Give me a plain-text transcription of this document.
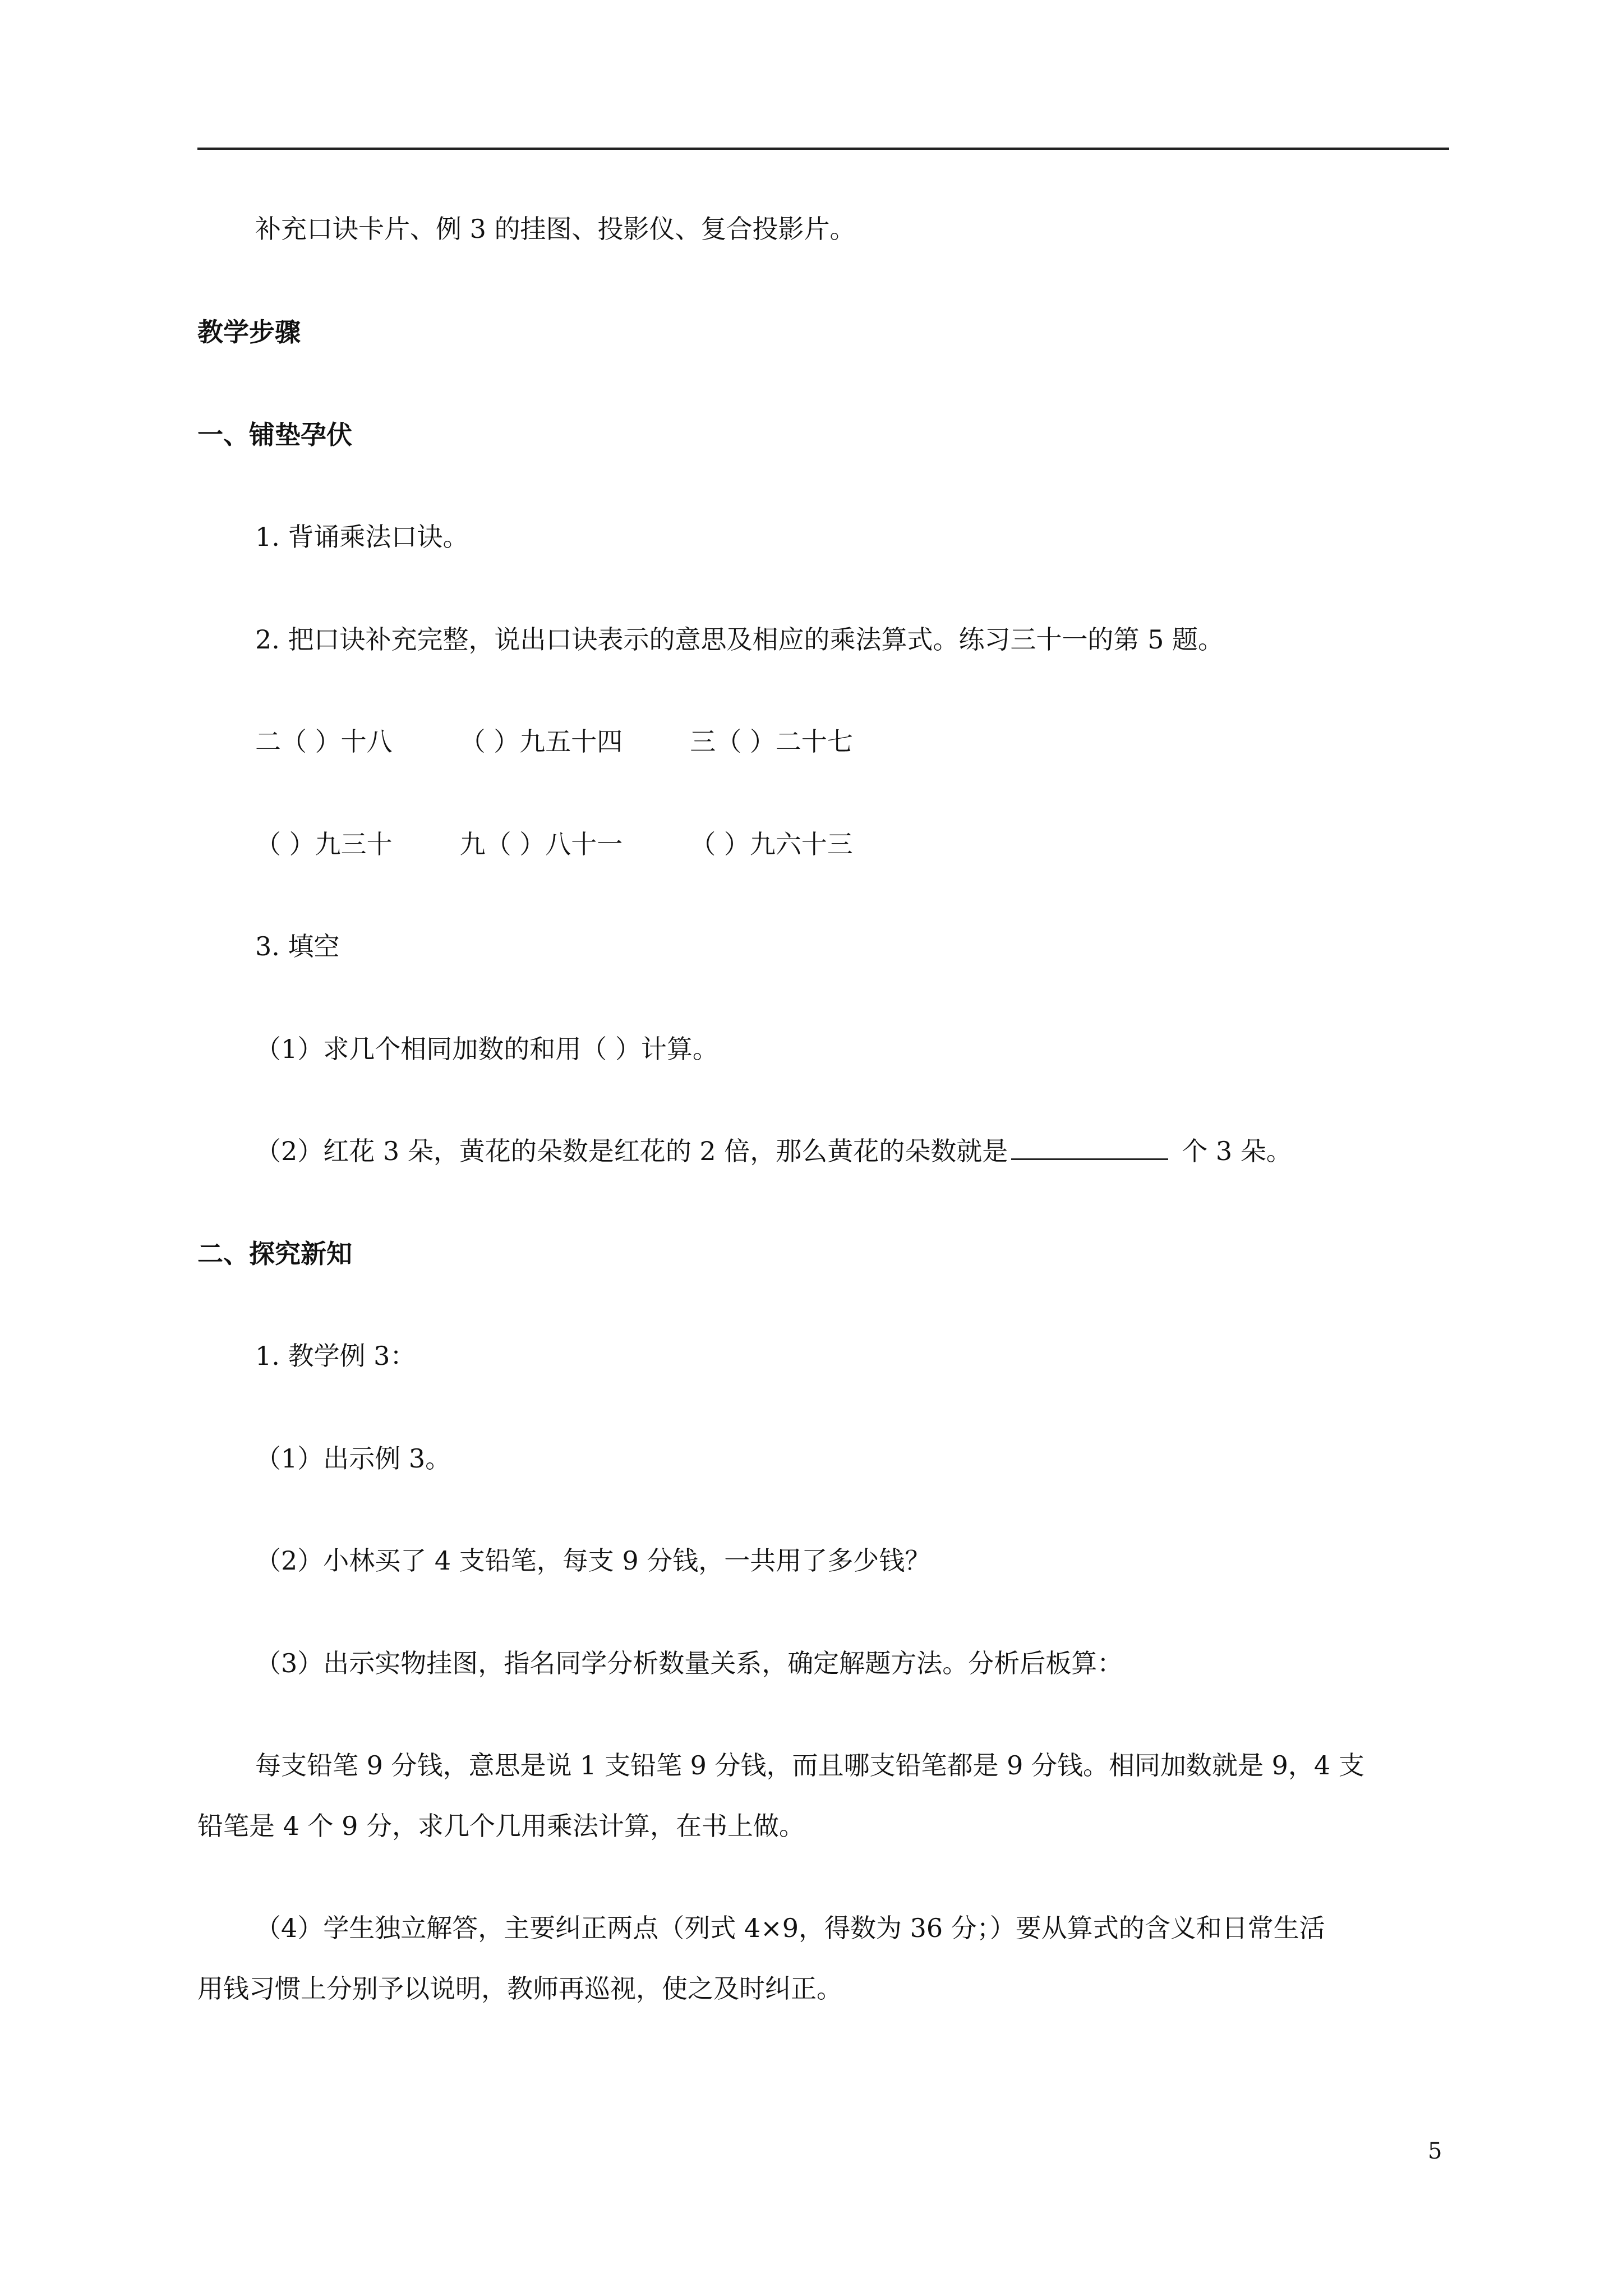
补充口诀卡片、例 3 的挂图、投影仪、复合投影片。
教学步骤
一、铺垫孕伏
1. 背诵乘法口诀。
2. 把口诀补充完整，说出口诀表示的意思及相应的乘法算式。练习三十一的第 5 题。
二（ ）十八	（ ）九五十四	三（ ）二十七
（ ）九三十	九（ ）八十一	（ ）九六十三
3. 填空
（1）求几个相同加数的和用（ ）计算。
（2）红花 3 朵，黄花的朵数是红花的 2 倍，那么黄花的朵数就是	个 3 朵。
二、探究新知
1. 教学例 3：
（1）出示例 3。
（2）小林买了 4 支铅笔，每支 9 分钱，一共用了多少钱？
（3）出示实物挂图，指名同学分析数量关系，确定解题方法。分析后板算：
每支铅笔 9 分钱，意思是说 1 支铅笔 9 分钱，而且哪支铅笔都是 9 分钱。相同加数就是 9，4 支
铅笔是 4 个 9 分，求几个几用乘法计算，在书上做。
（4）学生独立解答，主要纠正两点（列式 4×9，得数为 36 分；）要从算式的含义和日常生活
用钱习惯上分别予以说明，教师再巡视，使之及时纠正。
5
